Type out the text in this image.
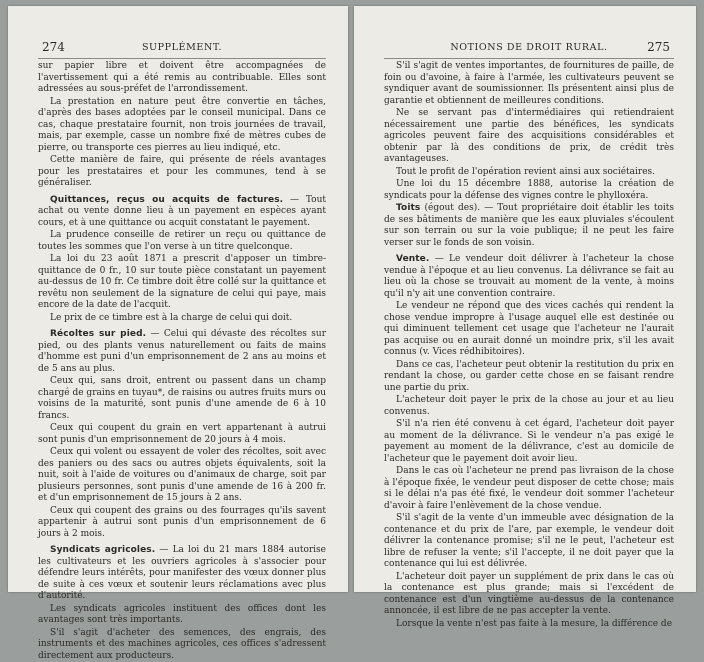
274	SUPPLÉMENT.

sur papier libre et doivent être accompagnées de l'avertissement qui a été remis au contribuable. Elles sont adressées au sous-préfet de l'arrondissement.

La prestation en nature peut être convertie en tâches, d'après des bases adoptées par le conseil municipal. Dans ce cas, chaque prestataire fournit, non trois journées de travail, mais, par exemple, casse un nombre fixé de mètres cubes de pierre, ou transporte ces pierres au lieu indiqué, etc.

Cette manière de faire, qui présente de réels avantages pour les prestataires et pour les communes, tend à se généraliser.

Quittances, reçus ou acquits de factures. — Tout achat ou vente donne lieu à un payement en espèces ayant cours, et à une quittance ou acquit constatant le payement.

La prudence conseille de retirer un reçu ou quittance de toutes les sommes que l'on verse à un titre quelconque.

La loi du 23 août 1871 a prescrit d'apposer un timbre-quittance de 0 fr., 10 sur toute pièce constatant un payement au-dessus de 10 fr. Ce timbre doit être collé sur la quittance et revêtu non seulement de la signature de celui qui paye, mais encore de la date de l'acquit.

Le prix de ce timbre est à la charge de celui qui doit.

Récoltes sur pied. — Celui qui dévaste des récoltes sur pied, ou des plants venus naturellement ou faits de mains d'homme est puni d'un emprisonnement de 2 ans au moins et de 5 ans au plus.

Ceux qui, sans droit, entrent ou passent dans un champ chargé de grains en tuyau*, de raisins ou autres fruits murs ou voisins de la maturité, sont punis d'une amende de 6 à 10 francs.

Ceux qui coupent du grain en vert appartenant à autrui sont punis d'un emprisonnement de 20 jours à 4 mois.

Ceux qui volent ou essayent de voler des récoltes, soit avec des paniers ou des sacs ou autres objets équivalents, soit la nuit, soit à l'aide de voitures ou d'animaux de charge, soit par plusieurs personnes, sont punis d'une amende de 16 à 200 fr. et d'un emprisonnement de 15 jours à 2 ans.

Ceux qui coupent des grains ou des fourrages qu'ils savent appartenir à autrui sont punis d'un emprisonnement de 6 jours à 2 mois.

Syndicats agricoles. — La loi du 21 mars 1884 autorise les cultivateurs et les ouvriers agricoles à s'associer pour défendre leurs intérêts, pour manifester des vœux donner plus de suite à ces vœux et soutenir leurs réclamations avec plus d'autorité.

Les syndicats agricoles instituent des offices dont les avantages sont très importants.

S'il s'agit d'acheter des semences, des engrais, des instruments et des machines agricoles, ces offices s'adressent directement aux producteurs.

NOTIONS DE DROIT RURAL.	275

S'il s'agit de ventes importantes, de fournitures de paille, de foin ou d'avoine, à faire à l'armée, les cultivateurs peuvent se syndiquer avant de soumissionner. Ils présentent ainsi plus de garantie et obtiennent de meilleures conditions.

Ne se servant pas d'intermédiaires qui retiendraient nécessairement une partie des bénéfices, les syndicats agricoles peuvent faire des acquisitions considérables et obtenir par là des conditions de prix, de crédit très avantageuses.

Tout le profit de l'opération revient ainsi aux sociétaires.

Une loi du 15 décembre 1888, autorise la création de syndicats pour la défense des vignes contre le phylloxéra.

Toits (égout des). — Tout propriétaire doit établir les toits de ses bâtiments de manière que les eaux pluviales s'écoulent sur son terrain ou sur la voie publique; il ne peut les faire verser sur le fonds de son voisin.

Vente. — Le vendeur doit délivrer à l'acheteur la chose vendue à l'époque et au lieu convenus. La délivrance se fait au lieu où la chose se trouvait au moment de la vente, à moins qu'il n'y ait une convention contraire.

Le vendeur ne répond que des vices cachés qui rendent la chose vendue impropre à l'usage auquel elle est destinée ou qui diminuent tellement cet usage que l'acheteur ne l'aurait pas acquise ou en aurait donné un moindre prix, s'il les avait connus (v. Vices rédhibitoires).

Dans ce cas, l'acheteur peut obtenir la restitution du prix en rendant la chose, ou garder cette chose en se faisant rendre une partie du prix.

L'acheteur doit payer le prix de la chose au jour et au lieu convenus.

S'il n'a rien été convenu à cet égard, l'acheteur doit payer au moment de la délivrance. Si le vendeur n'a pas exigé le payement au moment de la délivrance, c'est au domicile de l'acheteur que le payement doit avoir lieu.

Dans le cas où l'acheteur ne prend pas livraison de la chose à l'époque fixée, le vendeur peut disposer de cette chose; mais si le délai n'a pas été fixé, le vendeur doit sommer l'acheteur d'avoir à faire l'enlèvement de la chose vendue.

S'il s'agit de la vente d'un immeuble avec désignation de la contenance et du prix de l'are, par exemple, le vendeur doit délivrer la contenance promise; s'il ne le peut, l'acheteur est libre de refuser la vente; s'il l'accepte, il ne doit payer que la contenance qui lui est délivrée.

L'acheteur doit payer un supplément de prix dans le cas où la contenance est plus grande; mais si l'excédent de contenance est d'un vingtième au-dessus de la contenance annoncée, il est libre de ne pas accepter la vente.

Lorsque la vente n'est pas faite à la mesure, la différence de
